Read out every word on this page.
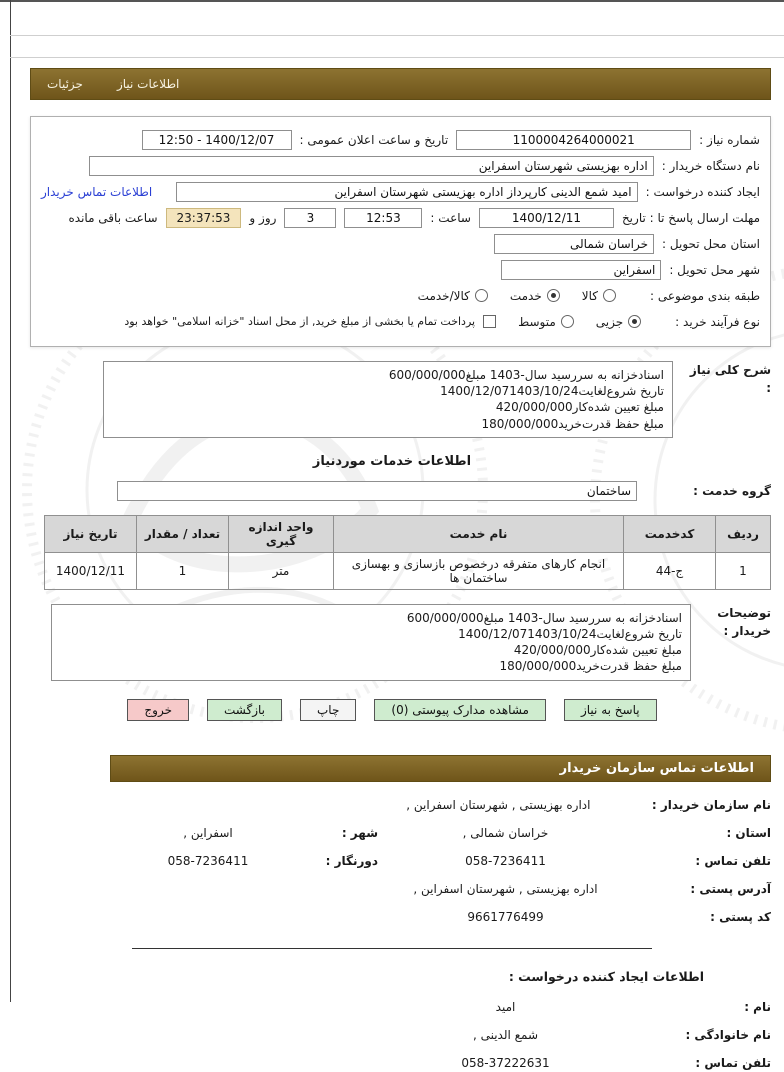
جزئیات	اطلاعات نیاز
شماره نیاز :
1100004264000021
تاریخ و ساعت اعلان عمومی :
1400/12/07 - 12:50
نام دستگاه خریدار :
اداره بهزیستی شهرستان اسفراین
ایجاد کننده درخواست :
امید شمع الدینی کارپرداز اداره بهزیستی شهرستان اسفراین
اطلاعات تماس خریدار
مهلت ارسال پاسخ تا : تاریخ
1400/12/11
ساعت :
12:53
3
روز و
23:37:53
ساعت باقی مانده
استان محل تحویل :
خراسان شمالی
شهر محل تحویل :
اسفراین
طبقه بندی موضوعی :
کالا
خدمت
کالا/خدمت
نوع فرآیند خرید :
جزیی
متوسط
پرداخت تمام یا بخشی از مبلغ خرید, از محل اسناد "خزانه اسلامی" خواهد بود
شرح کلی نیاز :
اسنادخزانه به سررسید سال-1403 مبلغ600/000/000
تاریخ شروع‌لغایت1400/12/071403/10/24
مبلغ تعیین شده‌کار420/000/000
مبلغ حفظ قدرت‌خرید180/000/000
اطلاعات خدمات موردنیاز
گروه خدمت :
ساختمان
ردیف	کدخدمت	نام خدمت	واحد اندازه گیری	تعداد / مقدار	تاریخ نیاز
1	ج-44	انجام کارهای متفرقه درخصوص بازسازی و بهسازی ساختمان ها	متر	1	1400/12/11
توضیحات خریدار :
اسنادخزانه به سررسید سال-1403 مبلغ600/000/000
تاریخ شروع‌لغایت1400/12/071403/10/24
مبلغ تعیین شده‌کار420/000/000
مبلغ حفظ قدرت‌خرید180/000/000
پاسخ به نیاز
مشاهده مدارک پیوستی (0)
چاپ
بازگشت
خروج
اطلاعات تماس سازمان خریدار
نام سازمان خریدار :
اداره بهزیستی , شهرستان اسفراین ,
استان :
خراسان شمالی ,
شهر :
اسفراین ,
تلفن تماس :
058-7236411
دورنگار :
058-7236411
آدرس پستی :
اداره بهزیستی , شهرستان اسفراین ,
کد پستی :
9661776499
اطلاعات ایجاد کننده درخواست :
نام :
امید
نام خانوادگی :
شمع الدینی ,
تلفن تماس :
058-37222631
